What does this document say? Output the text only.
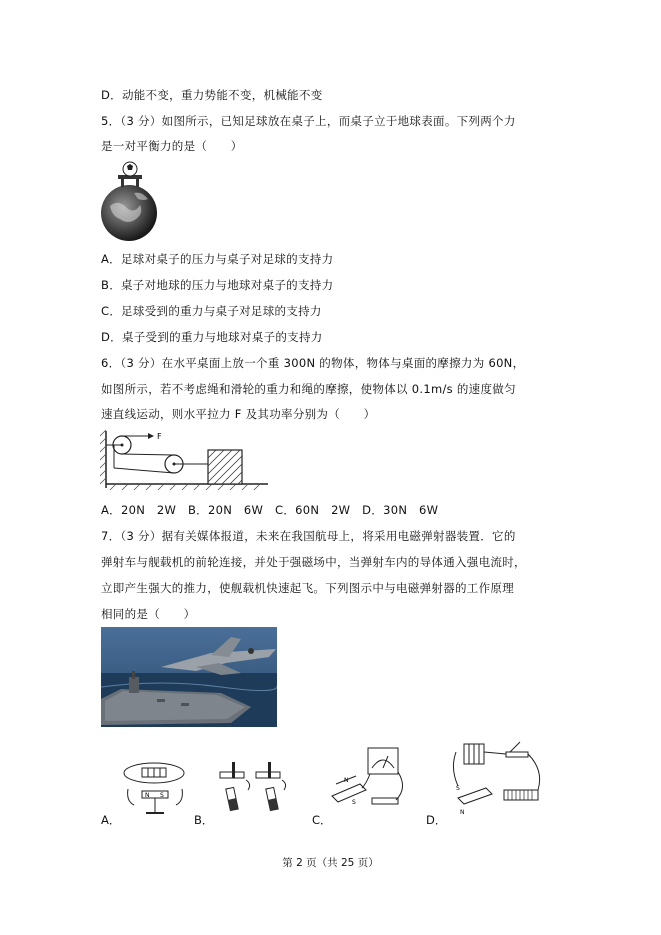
D．动能不变，重力势能不变，机械能不变
5．（3 分）如图所示，已知足球放在桌子上，而桌子立于地球表面。下列两个力
是一对平衡力的是（　　）
A．足球对桌子的压力与桌子对足球的支持力
B．桌子对地球的压力与地球对桌子的支持力
C．足球受到的重力与桌子对足球的支持力
D．桌子受到的重力与地球对桌子的支持力
6．（3 分）在水平桌面上放一个重 300N 的物体，物体与桌面的摩擦力为 60N，
如图所示，若不考虑绳和滑轮的重力和绳的摩擦，使物体以 0.1m/s 的速度做匀
速直线运动，则水平拉力 F 及其功率分别为（　　）
F
A．20N　2W　B．20N　6W　C．60N　2W　D．30N　6W
7．（3 分）据有关媒体报道，未来在我国航母上，将采用电磁弹射器装置．它的
弹射车与舰载机的前轮连接，并处于强磁场中，当弹射车内的导体通入强电流时，
立即产生强大的推力，使舰载机快速起飞。下列图示中与电磁弹射器的工作原理
相同的是（　　）
N S
A．	B．
N
S
C．
S
N
D．
第 2 页（共 25 页）
